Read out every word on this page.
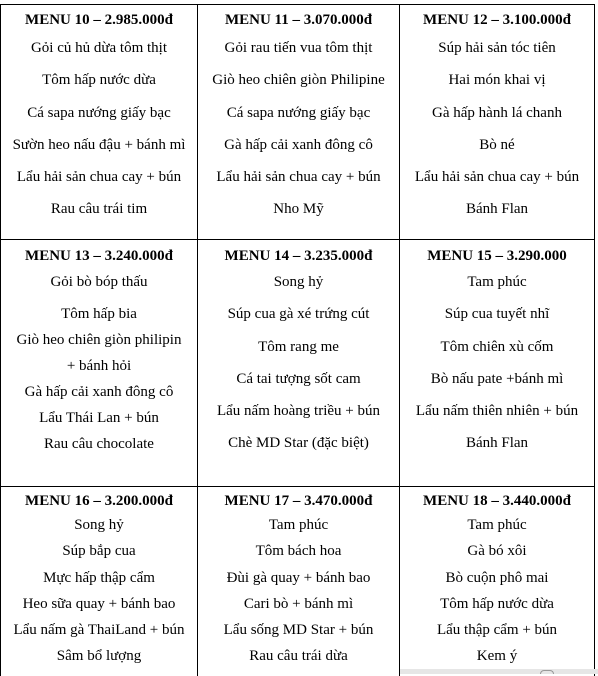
MENU 10 – 2.985.000đ
Gỏi củ hủ dừa tôm thịt
Tôm hấp nước dừa
Cá sapa nướng giấy bạc
Sườn heo nấu đậu + bánh mì
Lẩu hải sản chua cay + bún
Rau câu trái tim
MENU 11 – 3.070.000đ
Gỏi rau tiến vua tôm thịt
Giò heo chiên giòn Philipine
Cá sapa nướng giấy bạc
Gà hấp cải xanh đông cô
Lẩu hải sản chua cay + bún
Nho Mỹ
MENU 12 – 3.100.000đ
Súp hải sản tóc tiên
Hai món khai vị
Gà hấp hành lá chanh
Bò né
Lẩu hải sản chua cay + bún
Bánh Flan
MENU 13 – 3.240.000đ
Gỏi bò bóp thấu
Tôm hấp bia
Giò heo chiên giòn philipin
+ bánh hỏi
Gà hấp cải xanh đông cô
Lẩu Thái Lan + bún
Rau câu chocolate
MENU 14 – 3.235.000đ
Song hỷ
Súp cua gà xé trứng cút
Tôm rang me
Cá tai tượng sốt cam
Lẩu nấm hoàng triều + bún
Chè MD Star (đặc biệt)
MENU 15 – 3.290.000
Tam phúc
Súp cua tuyết nhĩ
Tôm chiên xù cốm
Bò nấu pate +bánh mì
Lẩu nấm thiên nhiên + bún
Bánh Flan
MENU 16 – 3.200.000đ
Song hỷ
Súp bắp cua
Mực hấp thập cẩm
Heo sữa quay + bánh bao
Lẩu nấm gà ThaiLand + bún
Sâm bổ lượng
MENU 17 – 3.470.000đ
Tam phúc
Tôm bách hoa
Đùi gà quay + bánh bao
Cari bò + bánh mì
Lẩu sống MD Star + bún
Rau câu trái dừa
MENU 18 – 3.440.000đ
Tam phúc
Gà bó xôi
Bò cuộn phô mai
Tôm hấp nước dừa
Lẩu thập cẩm + bún
Kem ý
